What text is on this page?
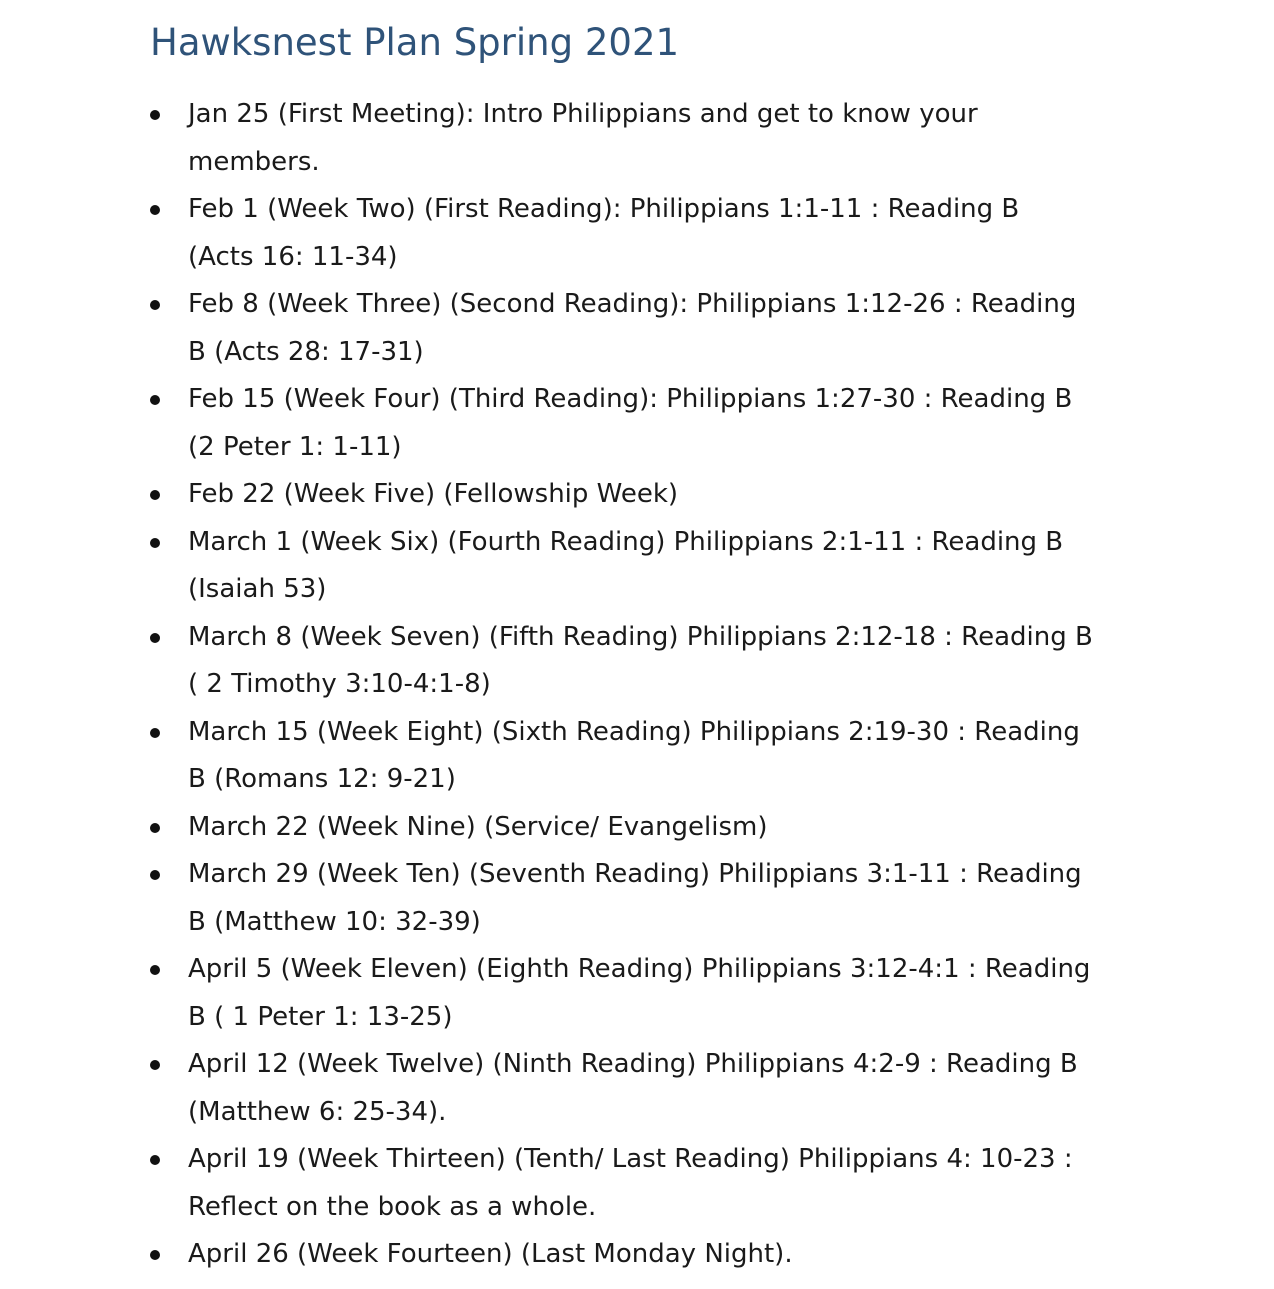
Hawksnest Plan Spring 2021
Jan 25 (First Meeting): Intro Philippians and get to know your
members.
Feb 1 (Week Two) (First Reading): Philippians 1:1-11 : Reading B
(Acts 16: 11-34)
Feb 8 (Week Three) (Second Reading): Philippians 1:12-26 : Reading
B (Acts 28: 17-31)
Feb 15 (Week Four) (Third Reading): Philippians 1:27-30 : Reading B
(2 Peter 1: 1-11)
Feb 22 (Week Five) (Fellowship Week)
March 1 (Week Six) (Fourth Reading) Philippians 2:1-11 : Reading B
(Isaiah 53)
March 8 (Week Seven) (Fifth Reading) Philippians 2:12-18 : Reading B
( 2 Timothy 3:10-4:1-8)
March 15 (Week Eight) (Sixth Reading) Philippians 2:19-30 : Reading
B (Romans 12: 9-21)
March 22 (Week Nine) (Service/ Evangelism)
March 29 (Week Ten) (Seventh Reading) Philippians 3:1-11 : Reading
B (Matthew 10: 32-39)
April 5 (Week Eleven) (Eighth Reading) Philippians 3:12-4:1 : Reading
B ( 1 Peter 1: 13-25)
April 12 (Week Twelve) (Ninth Reading) Philippians 4:2-9 : Reading B
(Matthew 6: 25-34).
April 19 (Week Thirteen) (Tenth/ Last Reading) Philippians 4: 10-23 :
Reflect on the book as a whole.
April 26 (Week Fourteen) (Last Monday Night).
